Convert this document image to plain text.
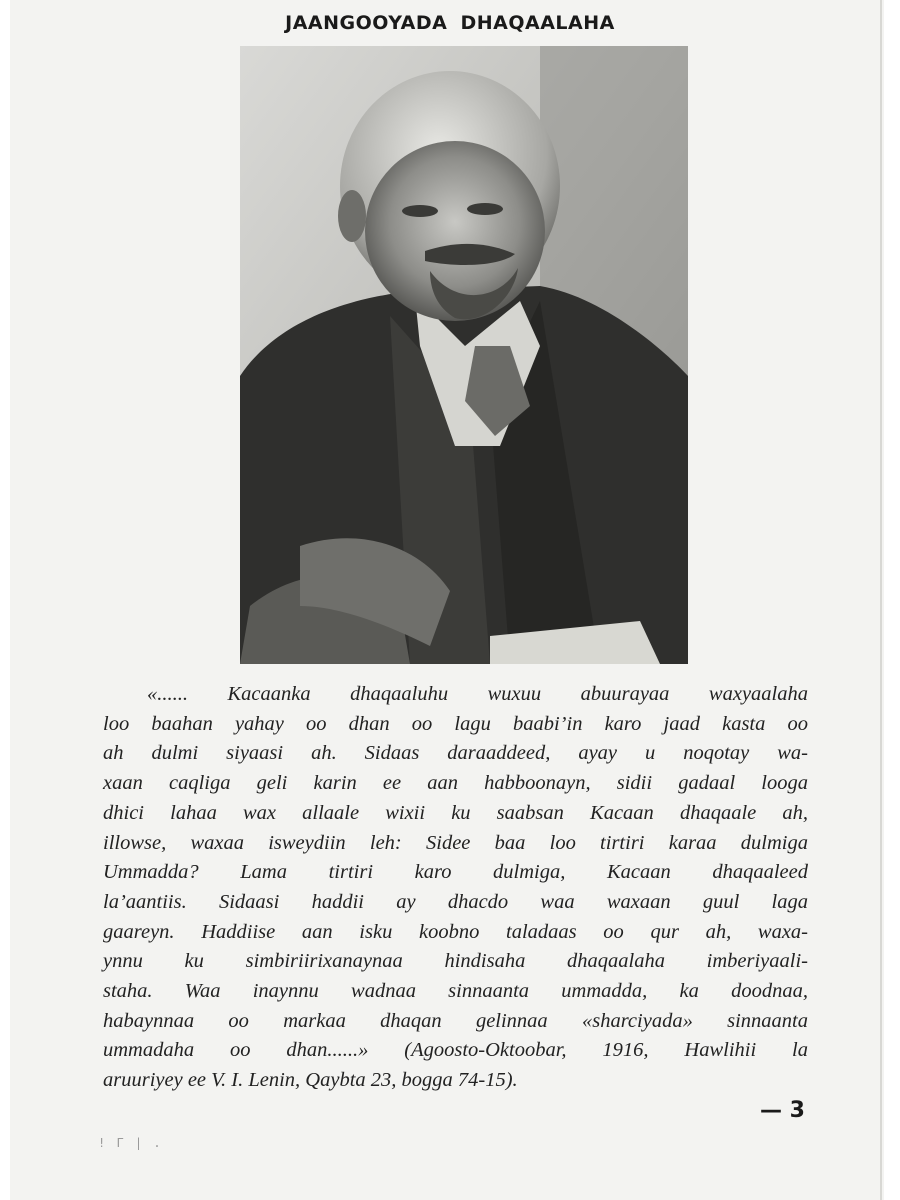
JAANGOOYADA DHAQAALAHA
«...... Kacaanka dhaqaaluhu wuxuu abuurayaa waxyaalaha
loo baahan yahay oo dhan oo lagu baabi’in karo jaad kasta oo
ah dulmi siyaasi ah. Sidaas daraaddeed, ayay u noqotay wa-
xaan caqliga geli karin ee aan habboonayn, sidii gadaal looga
dhici lahaa wax allaale wixii ku saabsan Kacaan dhaqaale ah,
illowse, waxaa isweydiin leh: Sidee baa loo tirtiri karaa dulmiga
Ummadda? Lama tirtiri karo dulmiga, Kacaan dhaqaaleed
la’aantiis. Sidaasi haddii ay dhacdo waa waxaan guul laga
gaareyn. Haddiise aan isku koobno taladaas oo qur ah, waxa-
ynnu ku simbiriirixanaynaa hindisaha dhaqaalaha imberiyaali-
staha. Waa inaynnu wadnaa sinnaanta ummadda, ka doodnaa,
habaynnaa oo markaa dhaqan gelinnaa «sharciyada» sinnaanta
ummadaha oo dhan......» (Agoosto-Oktoobar, 1916, Hawlihii la
aruuriyey ee V. I. Lenin, Qaybta 23, bogga 74-15).
! Γ | .
— 3
